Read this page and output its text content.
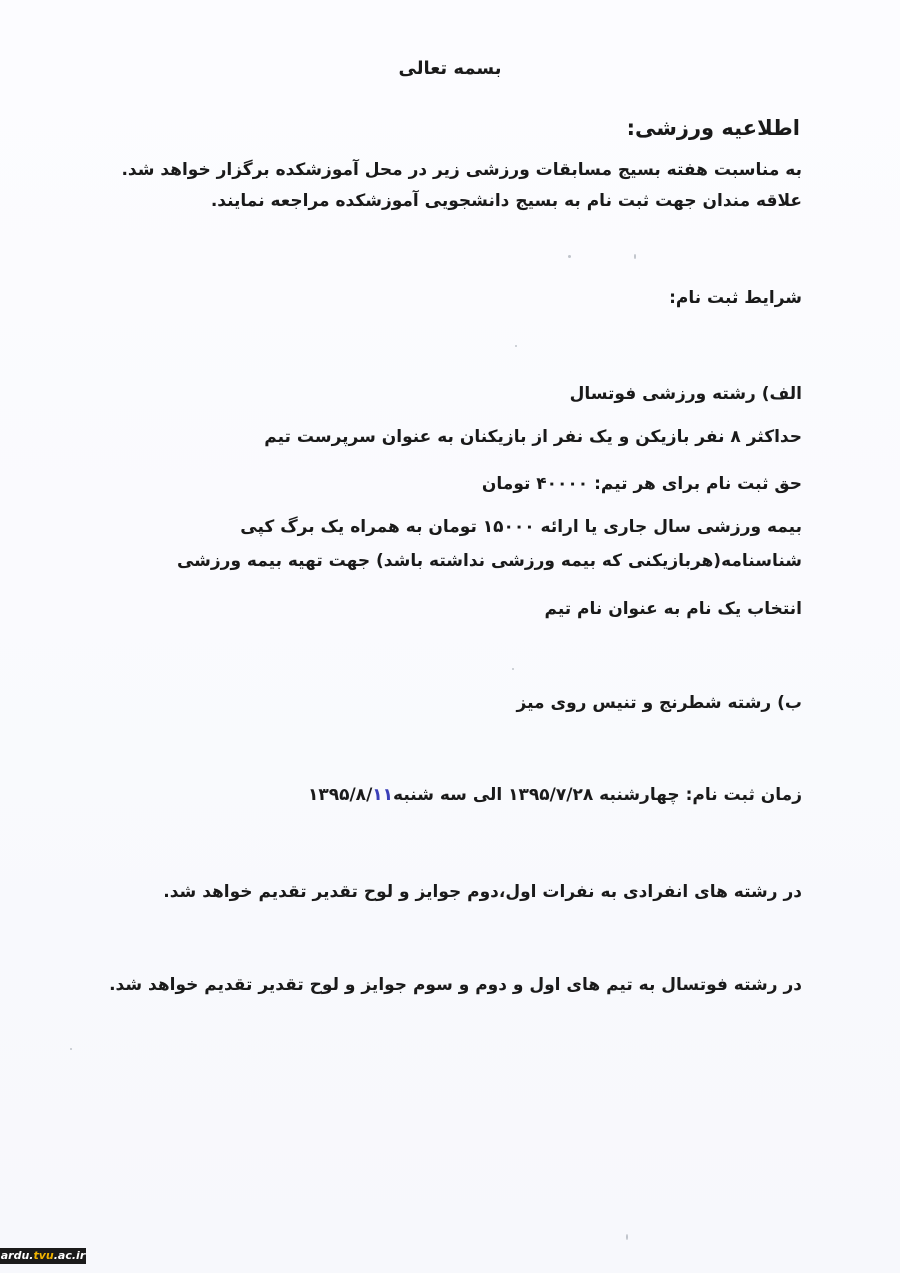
بسمه تعالی
اطلاعیه ورزشی:
به مناسبت هفته بسیج مسابقات ورزشی زیر در محل آموزشکده برگزار خواهد شد.
علاقه مندان جهت ثبت نام به بسیج دانشجویی آموزشکده مراجعه نمایند.
شرایط ثبت نام:
الف) رشته ورزشی فوتسال
حداکثر ۸ نفر بازیکن و یک نفر از بازیکنان به عنوان سرپرست تیم
حق ثبت نام برای هر تیم: ۴۰۰۰۰ تومان
بیمه ورزشی سال جاری یا ارائه ۱۵۰۰۰ تومان به همراه یک برگ کپی
شناسنامه(هربازیکنی که بیمه ورزشی نداشته باشد) جهت تهیه بیمه ورزشی
انتخاب یک نام به عنوان نام تیم
ب) رشته شطرنج و تنیس روی میز
زمان ثبت نام: چهارشنبه ۱۳۹۵/۷/۲۸ الی سه شنبه۱۱/۱۳۹۵/۸
در رشته های انفرادی به نفرات اول،دوم جوایز و لوح تقدیر تقدیم خواهد شد.
در رشته فوتسال به تیم های اول و دوم و سوم جوایز و لوح تقدیر تقدیم خواهد شد.
ardu.tvu.ac.ir
